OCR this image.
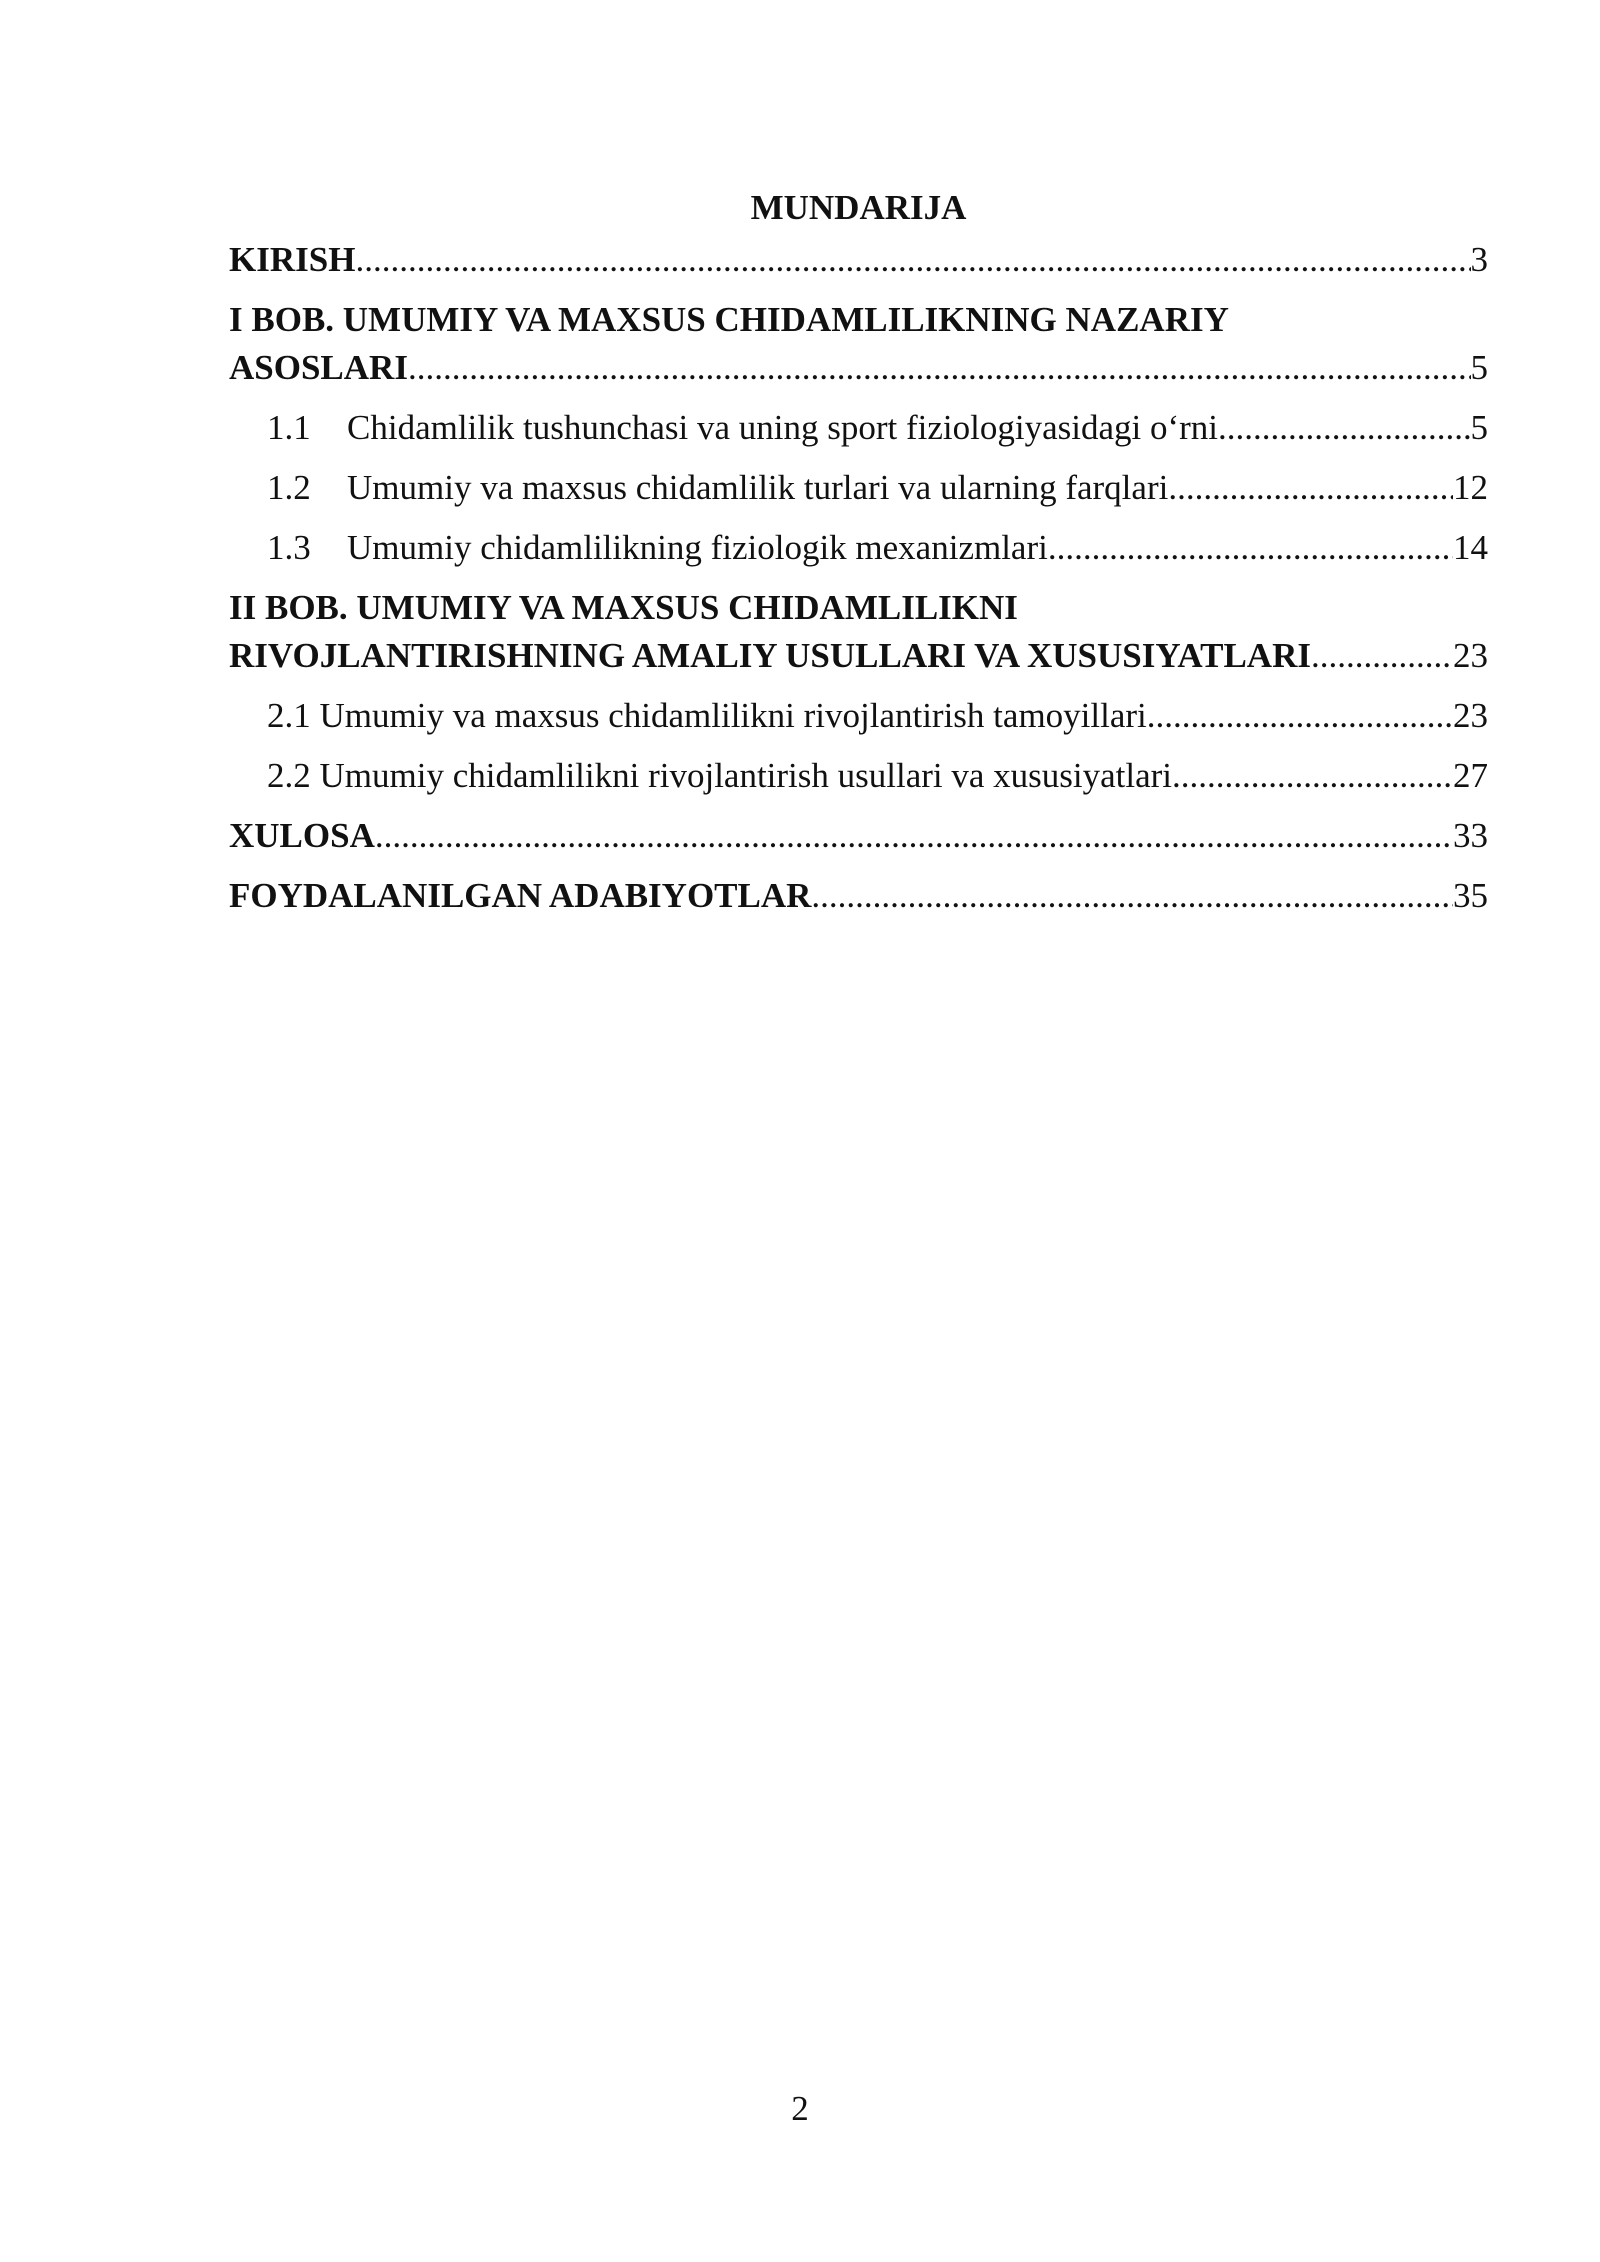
MUNDARIJA
KIRISH .....	3
I BOB. UMUMIY VA MAXSUS CHIDAMLILIKNING NAZARIY
ASOSLARI .....	5
1.1	Chidamlilik tushunchasi va uning sport fiziologiyasidagi o‘rni .....	5
1.2	Umumiy va maxsus chidamlilik turlari va ularning farqlari .....	12
1.3	Umumiy chidamlilikning fiziologik mexanizmlari .....	14
II BOB. UMUMIY VA MAXSUS CHIDAMLILIKNI
RIVOJLANTIRISHNING AMALIY USULLARI VA XUSUSIYATLARI .....	23
2.1 Umumiy va maxsus chidamlilikni rivojlantirish tamoyillari .....	23
2.2 Umumiy chidamlilikni rivojlantirish usullari va xususiyatlari .....	27
XULOSA .....	33
FOYDALANILGAN ADABIYOTLAR .....	35
2
